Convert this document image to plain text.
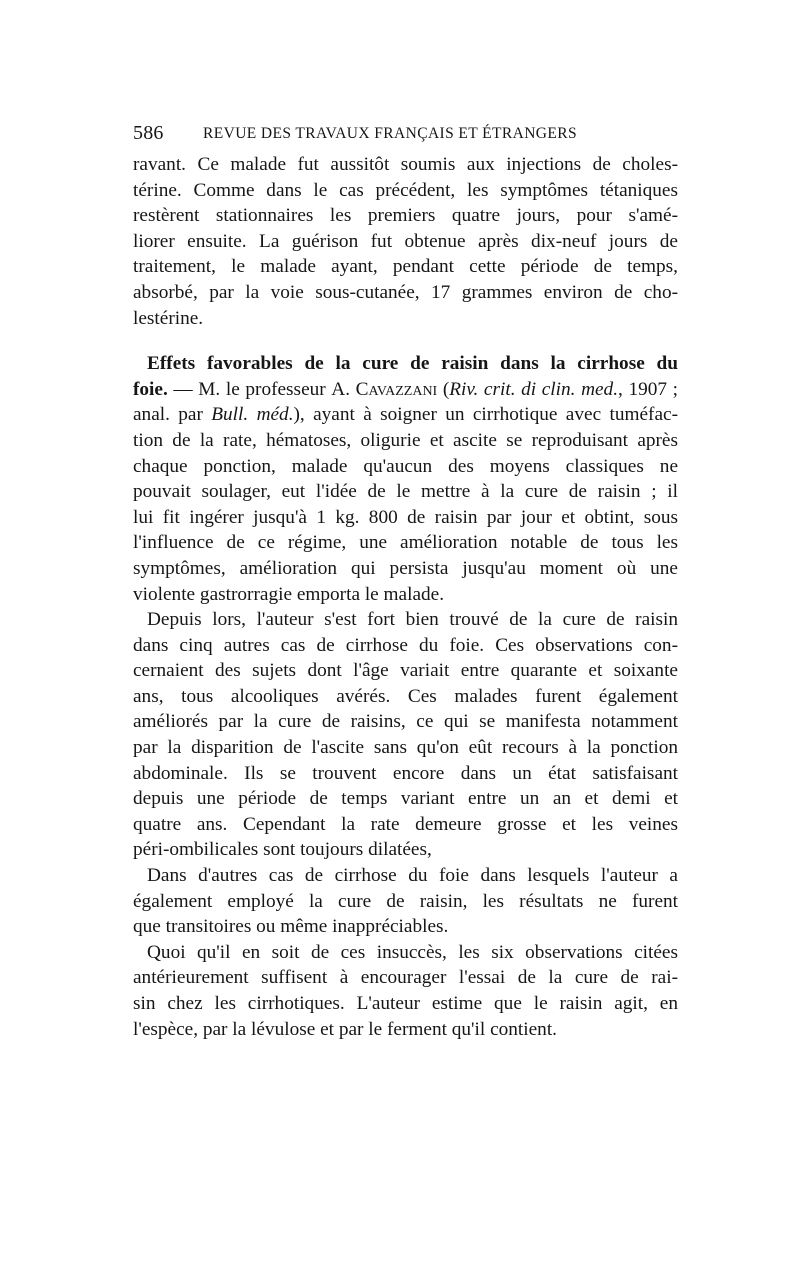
586	REVUE DES TRAVAUX FRANÇAIS ET ÉTRANGERS
ravant. Ce malade fut aussitôt soumis aux injections de choles-
térine. Comme dans le cas précédent, les symptômes tétaniques
restèrent stationnaires les premiers quatre jours, pour s'amé-
liorer ensuite. La guérison fut obtenue après dix-neuf jours de
traitement, le malade ayant, pendant cette période de temps,
absorbé, par la voie sous-cutanée, 17 grammes environ de cho-
lestérine.
Effets favorables de la cure de raisin dans la cirrhose du
foie. — M. le professeur A. Cavazzani (Riv. crit. di clin. med., 1907 ;
anal. par Bull. méd.), ayant à soigner un cirrhotique avec tuméfac-
tion de la rate, hématoses, oligurie et ascite se reproduisant après
chaque ponction, malade qu'aucun des moyens classiques ne
pouvait soulager, eut l'idée de le mettre à la cure de raisin ; il
lui fit ingérer jusqu'à 1 kg. 800 de raisin par jour et obtint, sous
l'influence de ce régime, une amélioration notable de tous les
symptômes, amélioration qui persista jusqu'au moment où une
violente gastrorragie emporta le malade.
Depuis lors, l'auteur s'est fort bien trouvé de la cure de raisin
dans cinq autres cas de cirrhose du foie. Ces observations con-
cernaient des sujets dont l'âge variait entre quarante et soixante
ans, tous alcooliques avérés. Ces malades furent également
améliorés par la cure de raisins, ce qui se manifesta notamment
par la disparition de l'ascite sans qu'on eût recours à la ponction
abdominale. Ils se trouvent encore dans un état satisfaisant
depuis une période de temps variant entre un an et demi et
quatre ans. Cependant la rate demeure grosse et les veines
péri-ombilicales sont toujours dilatées,
Dans d'autres cas de cirrhose du foie dans lesquels l'auteur a
également employé la cure de raisin, les résultats ne furent
que transitoires ou même inappréciables.
Quoi qu'il en soit de ces insuccès, les six observations citées
antérieurement suffisent à encourager l'essai de la cure de rai-
sin chez les cirrhotiques. L'auteur estime que le raisin agit, en
l'espèce, par la lévulose et par le ferment qu'il contient.
